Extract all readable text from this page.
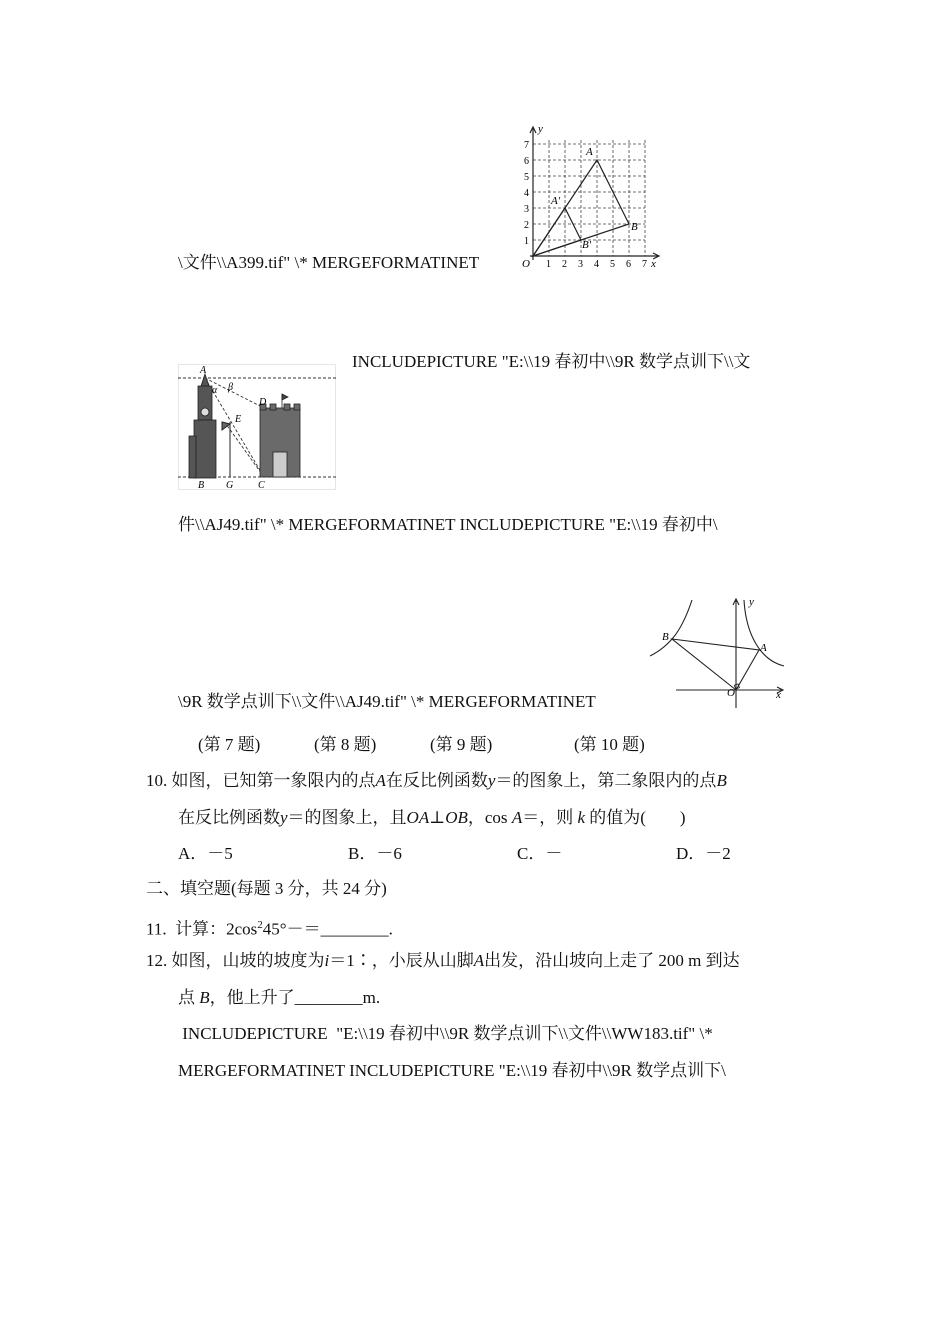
y
x
O 1 2 3 4 5 6 7
1
2
3
4
5
6
7
A
B
A′
B′
\文件\\A399.tif" \* MERGEFORMATINET
A
α β
D
E
B G C
INCLUDEPICTURE "E:\\19 春初中\\9R 数学点训下\\文
件\\AJ49.tif" \* MERGEFORMATINET INCLUDEPICTURE "E:\\19 春初中\
y
x
B
A
O
\9R 数学点训下\\文件\\AJ49.tif" \* MERGEFORMATINET
(第 7 题)	(第 8 题)	(第 9 题)	(第 10 题)
10. 如图，已知第一象限内的点A在反比例函数y＝的图象上，第二象限内的点B
在反比例函数y＝的图象上，且OA⊥OB，cos A＝，则 k 的值为(　　)
A．－5	B．－6	C．－	D．－2
二、填空题(每题 3 分，共 24 分)
11. 计算：$2\cos^245^\circ-=\_\_\_\_\_\_\_\_$.
12. 如图，山坡的坡度为i＝1∶，小辰从山脚A出发，沿山坡向上走了 200 m 到达
点 B，他上升了________m.
INCLUDEPICTURE  "E:\\19 春初中\\9R 数学点训下\\文件\\WW183.tif" \*
MERGEFORMATINET INCLUDEPICTURE "E:\\19 春初中\\9R 数学点训下\
